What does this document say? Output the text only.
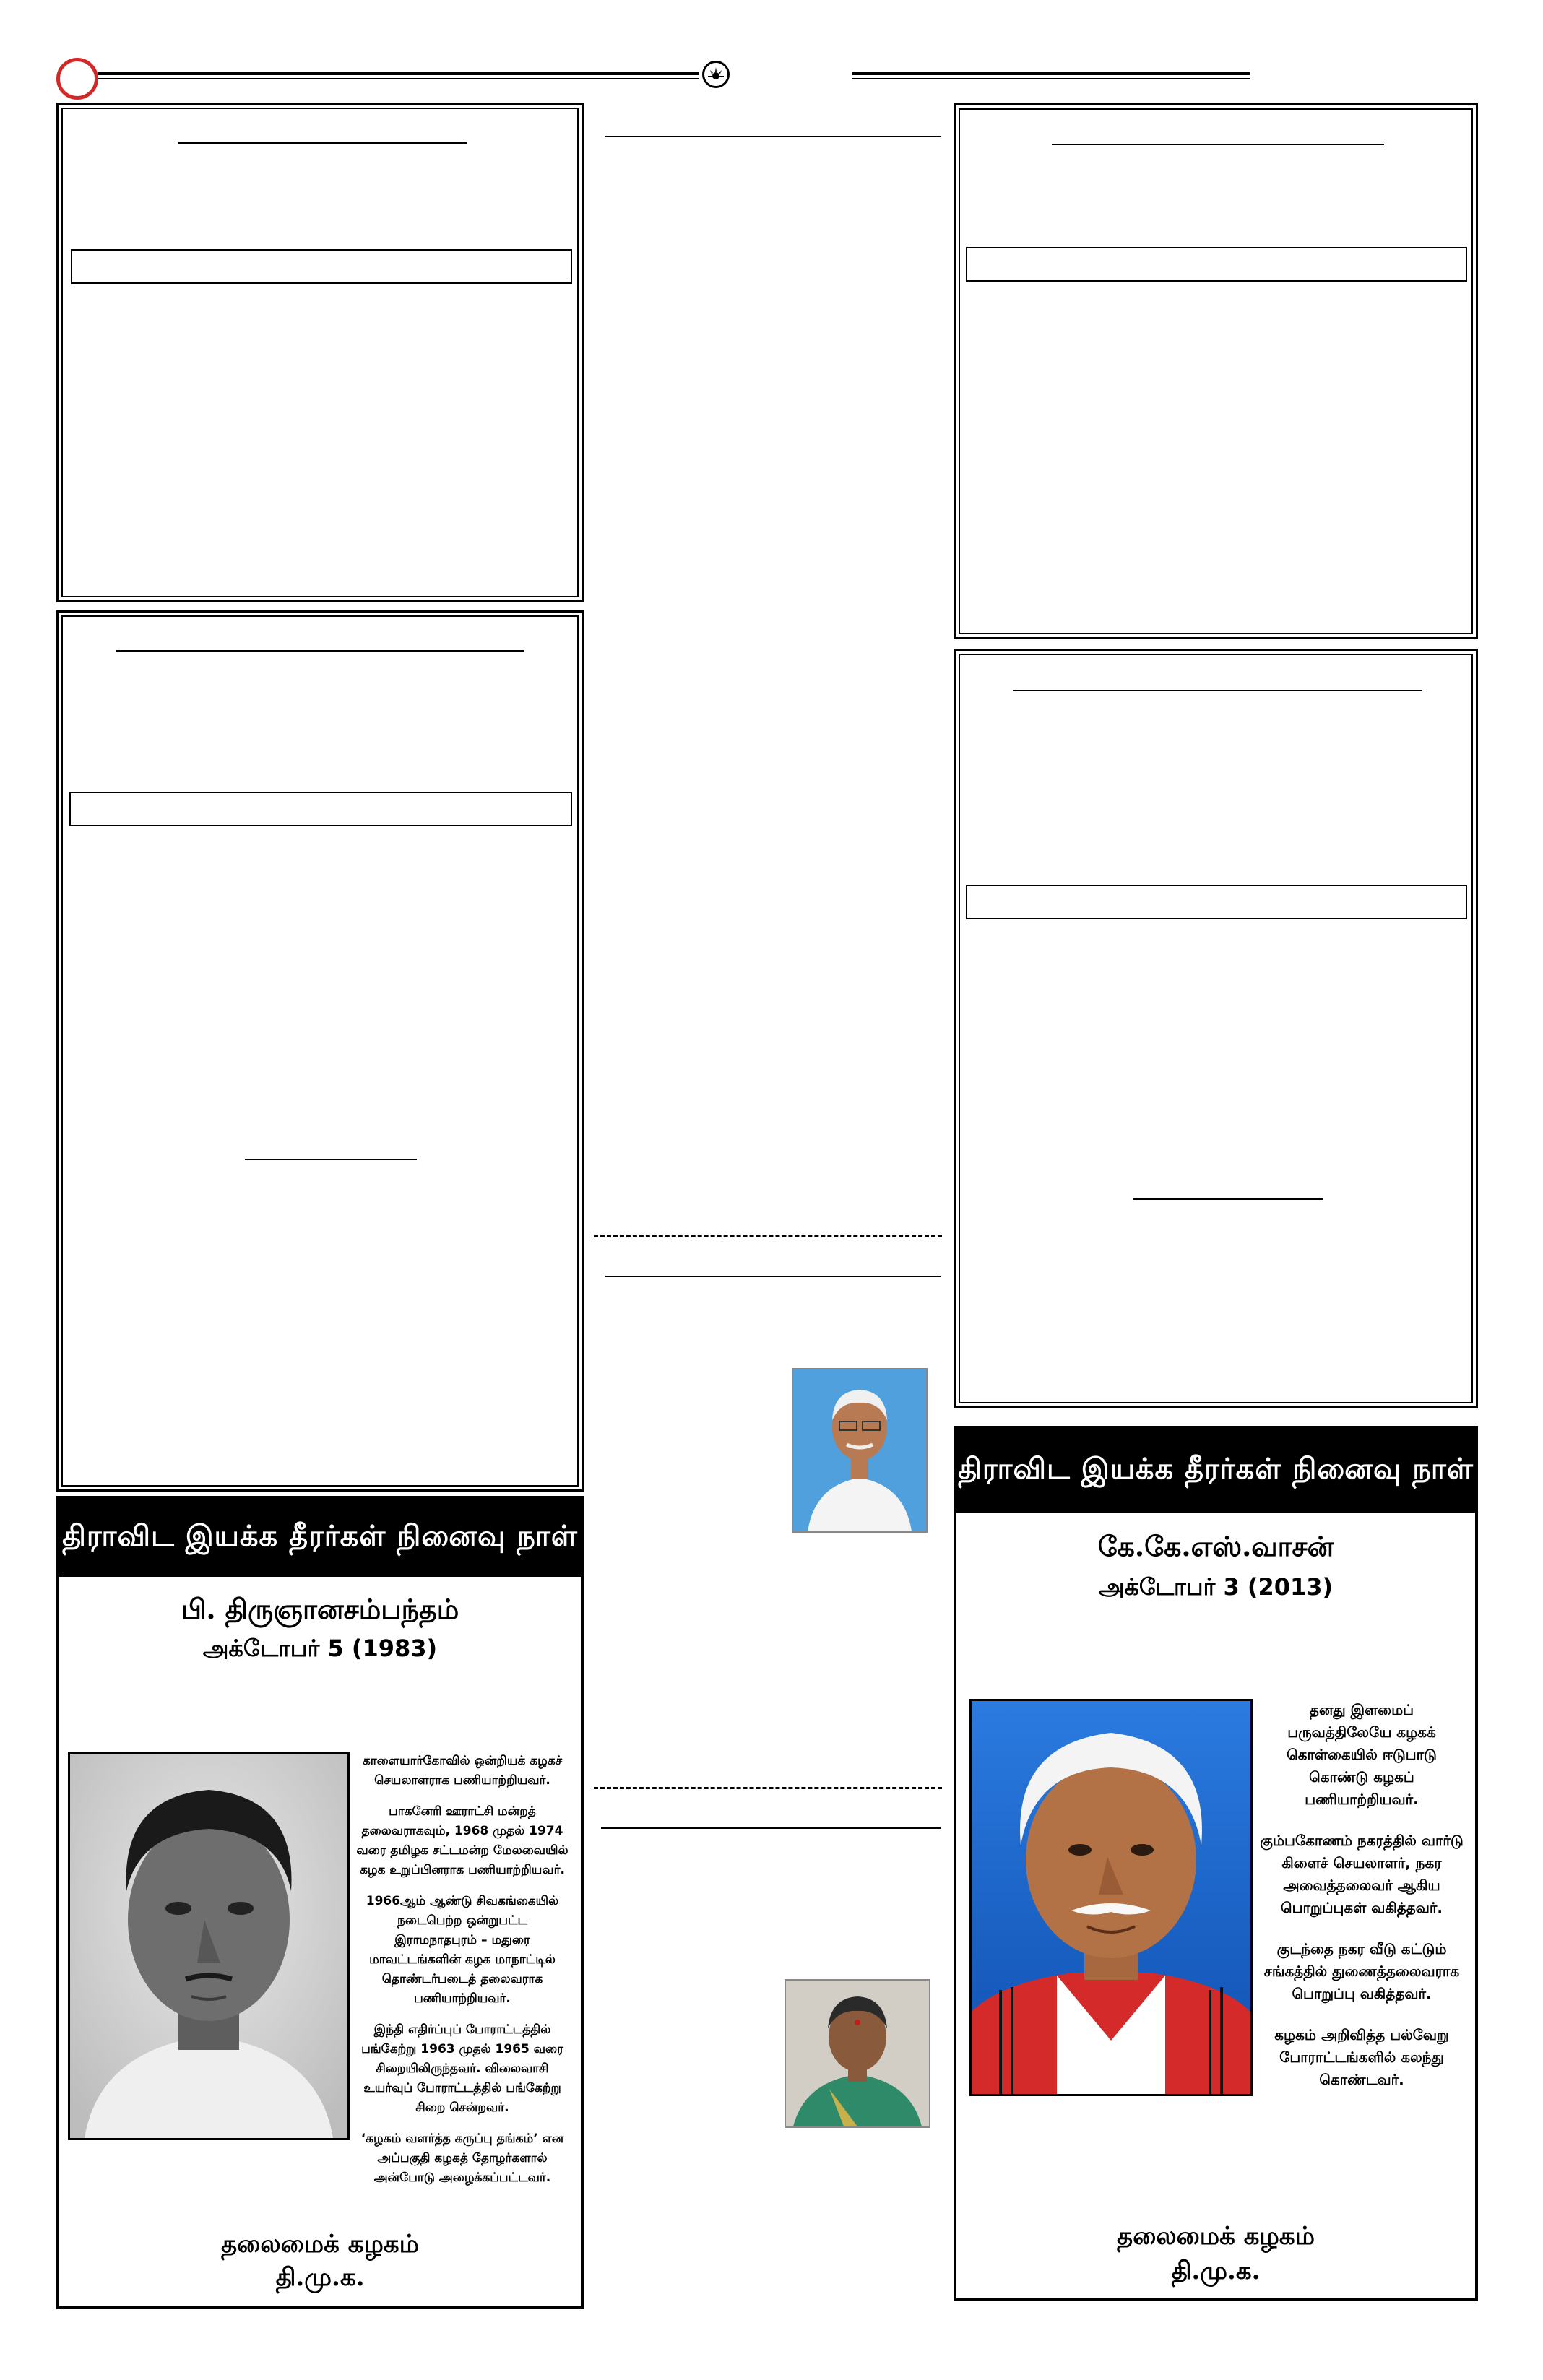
திராவிட இயக்க தீரர்கள் நினைவு நாள்
பி. திருஞானசம்பந்தம்
அக்டோபர் 5 (1983)

காளையார்கோவில் ஒன்றியக் கழகச் செயலாளராக பணியாற்றியவர்.

பாகனேரி ஊராட்சி மன்றத் தலைவராகவும், 1968 முதல் 1974 வரை தமிழக சட்டமன்ற மேலவையில் கழக உறுப்பினராக பணியாற்றியவர்.

1966ஆம் ஆண்டு சிவகங்கையில் நடைபெற்ற ஒன்றுபட்ட இராமநாதபுரம் – மதுரை மாவட்டங்களின் கழக மாநாட்டில் தொண்டர்படைத் தலைவராக பணியாற்றியவர்.

இந்தி எதிர்ப்புப் போராட்டத்தில் பங்கேற்று 1963 முதல் 1965 வரை சிறையிலிருந்தவர். விலைவாசி உயர்வுப் போராட்டத்தில் பங்கேற்று சிறை சென்றவர்.

‘கழகம் வளர்த்த கருப்பு தங்கம்’ என அப்பகுதி கழகத் தோழர்களால் அன்போடு அழைக்கப்பட்டவர்.

தலைமைக் கழகம்
தி.மு.க.
திராவிட இயக்க தீரர்கள் நினைவு நாள்
கே.கே.எஸ்.வாசன்
அக்டோபர் 3 (2013)

தனது இளமைப் பருவத்திலேயே கழகக் கொள்கையில் ஈடுபாடு கொண்டு கழகப் பணியாற்றியவர்.

கும்பகோணம் நகரத்தில் வார்டு கிளைச் செயலாளர், நகர அவைத்தலைவர் ஆகிய பொறுப்புகள் வகித்தவர்.

குடந்தை நகர வீடு கட்டும் சங்கத்தில் துணைத்தலைவராக பொறுப்பு வகித்தவர்.

கழகம் அறிவித்த பல்வேறு போராட்டங்களில் கலந்து கொண்டவர்.

தலைமைக் கழகம்
தி.மு.க.
